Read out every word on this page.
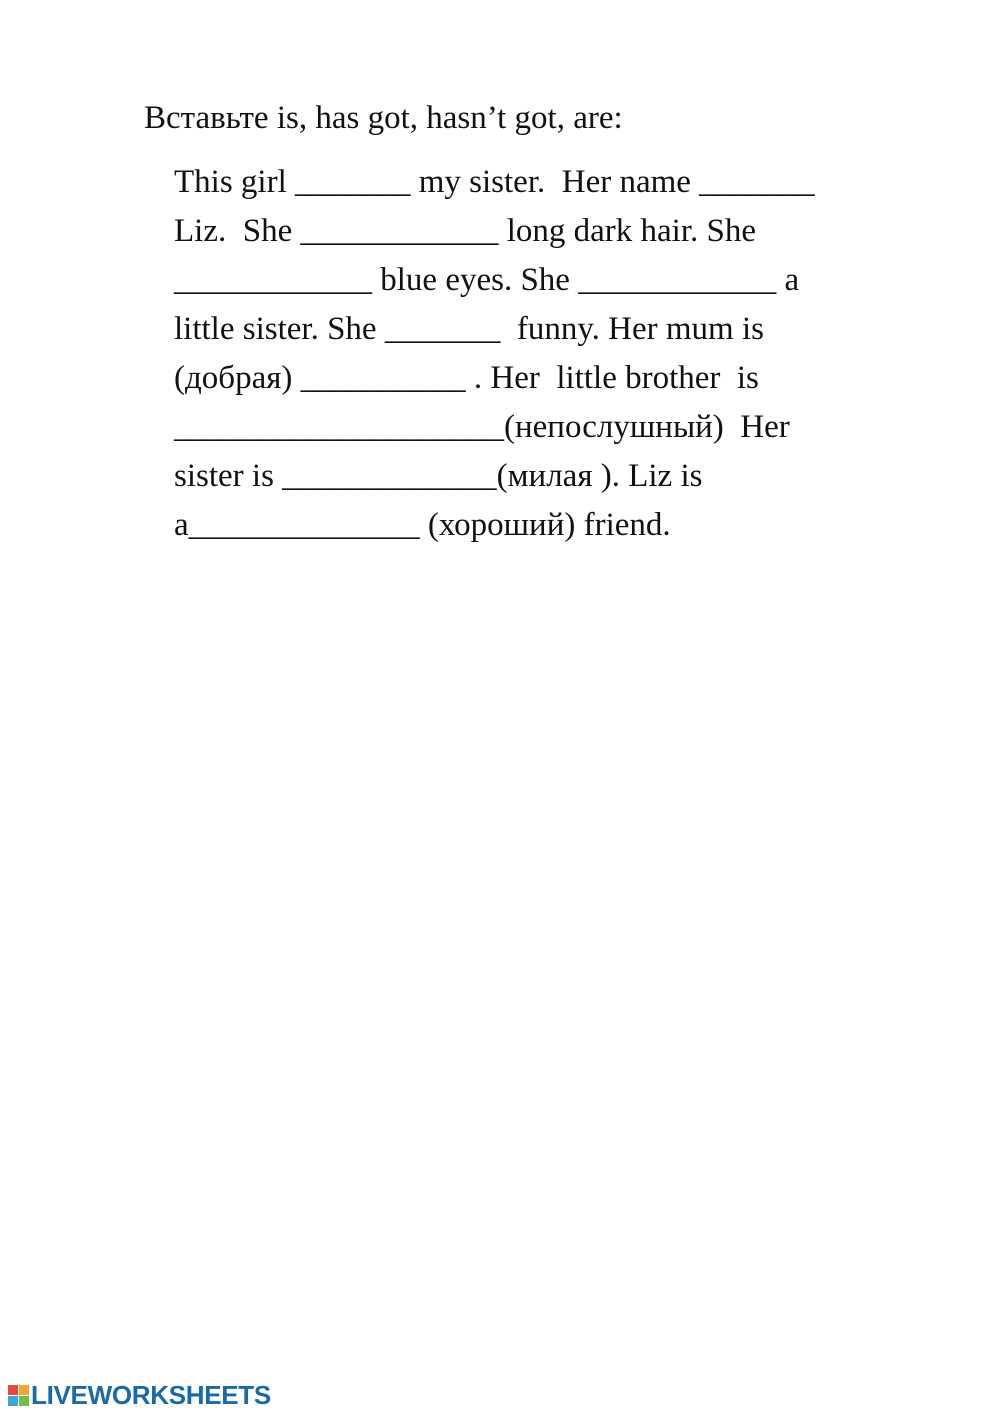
Вставьте is, has got, hasn’t got, are:
This girl _______ my sister.  Her name _______
Liz.  She ____________ long dark hair. She
____________ blue eyes. She ____________ a
little sister. She _______  funny. Her mum is
(добрая) __________ . Her  little brother  is
____________________(непослушный)  Her
sister is _____________(милая ). Liz is
a______________ (хороший) friend.
LIVEWORKSHEETS
